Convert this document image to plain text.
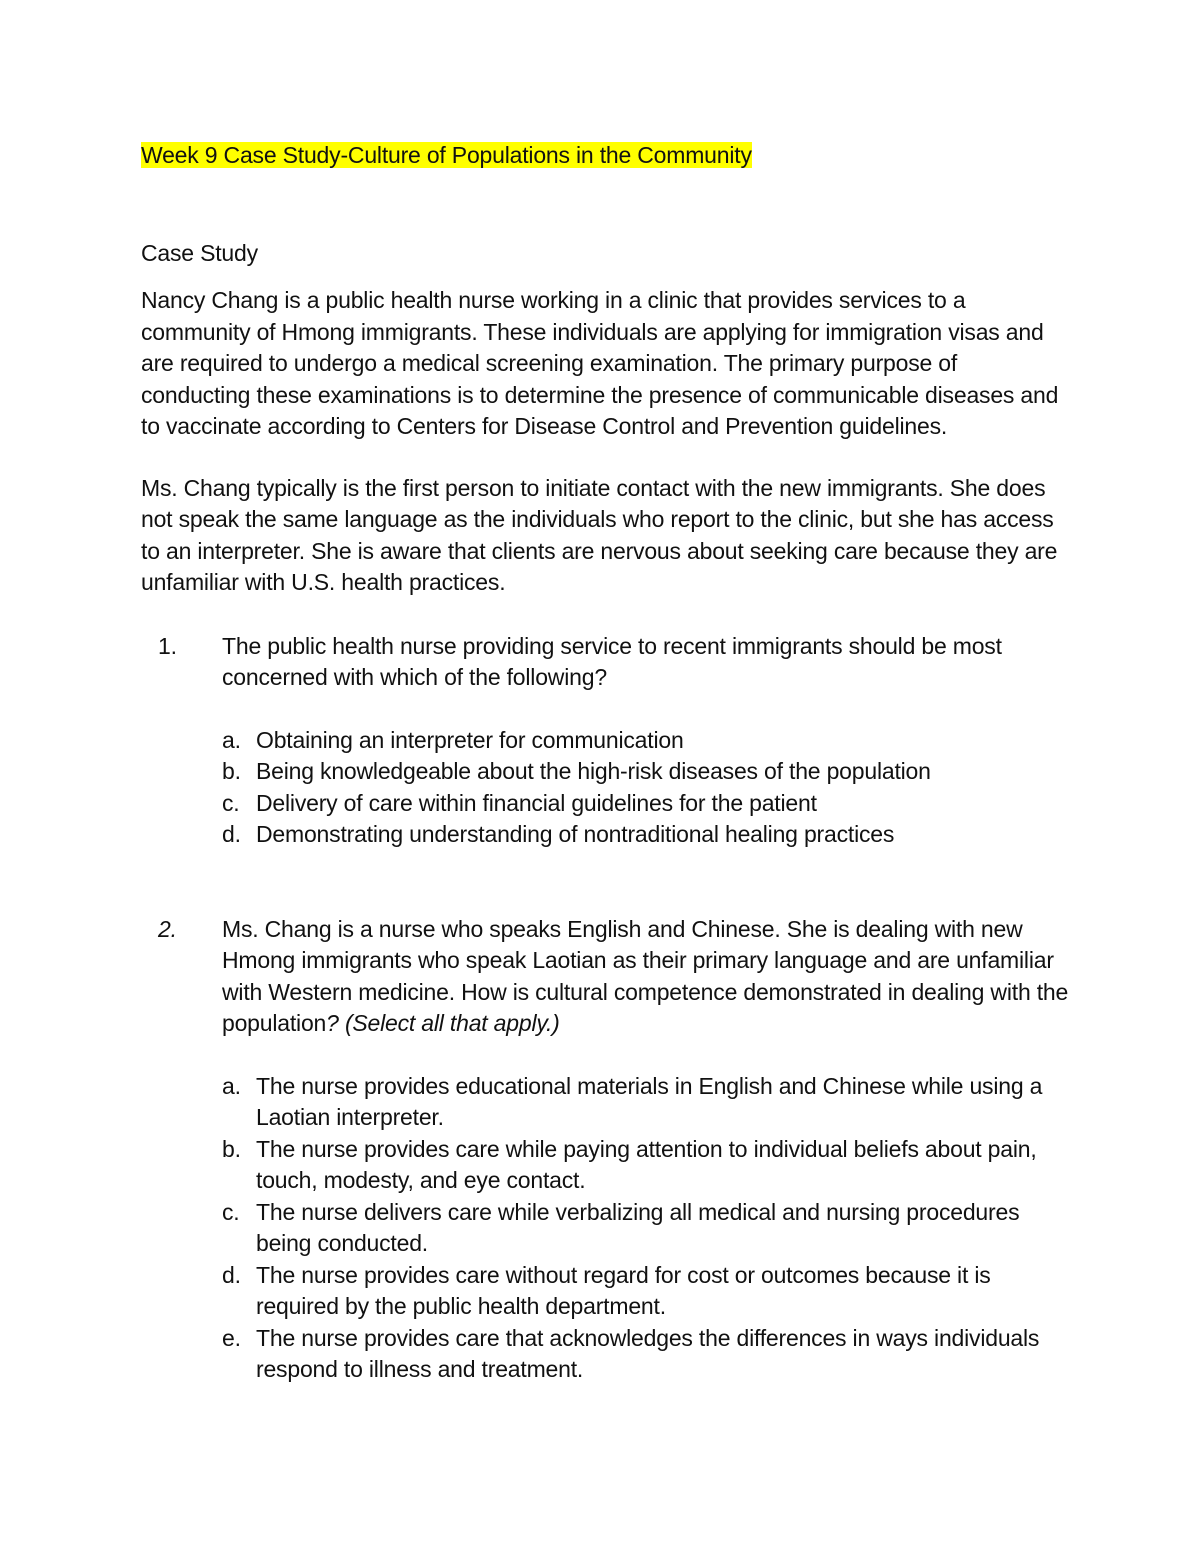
Week 9 Case Study-Culture of Populations in the Community

Case Study

Nancy Chang is a public health nurse working in a clinic that provides services to a community of Hmong immigrants. These individuals are applying for immigration visas and are required to undergo a medical screening examination. The primary purpose of conducting these examinations is to determine the presence of communicable diseases and to vaccinate according to Centers for Disease Control and Prevention guidelines.

Ms. Chang typically is the first person to initiate contact with the new immigrants. She does not speak the same language as the individuals who report to the clinic, but she has access to an interpreter. She is aware that clients are nervous about seeking care because they are unfamiliar with U.S. health practices.

1. The public health nurse providing service to recent immigrants should be most concerned with which of the following?

a. Obtaining an interpreter for communication
b. Being knowledgeable about the high-risk diseases of the population
c. Delivery of care within financial guidelines for the patient
d. Demonstrating understanding of nontraditional healing practices
2. Ms. Chang is a nurse who speaks English and Chinese. She is dealing with new Hmong immigrants who speak Laotian as their primary language and are unfamiliar with Western medicine. How is cultural competence demonstrated in dealing with the population? (Select all that apply.)

a. The nurse provides educational materials in English and Chinese while using a Laotian interpreter.
b. The nurse provides care while paying attention to individual beliefs about pain, touch, modesty, and eye contact.
c. The nurse delivers care while verbalizing all medical and nursing procedures being conducted.
d. The nurse provides care without regard for cost or outcomes because it is required by the public health department.
e. The nurse provides care that acknowledges the differences in ways individuals respond to illness and treatment.
